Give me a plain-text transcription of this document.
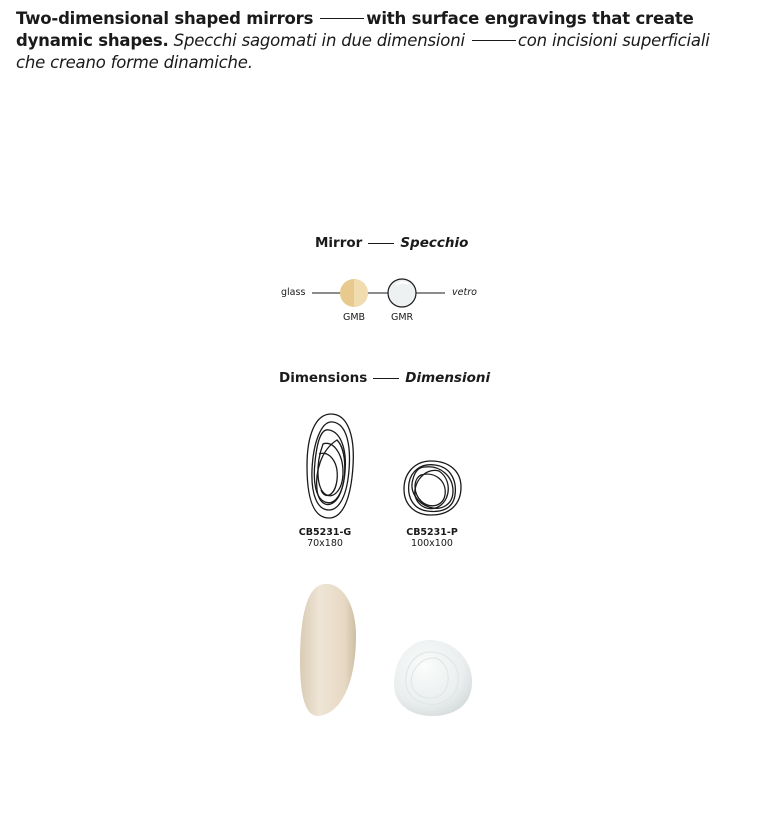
Two-dimensional shaped mirrors	with surface engravings that create dynamic shapes. Specchi sagomati in due dimensioni	con incisioni superficiali che creano forme dinamiche.
Mirror	Specchio
glass	vetro
GMB	GMR
Dimensions	Dimensioni
CB5231-G
70x180
CB5231-P
100x100
